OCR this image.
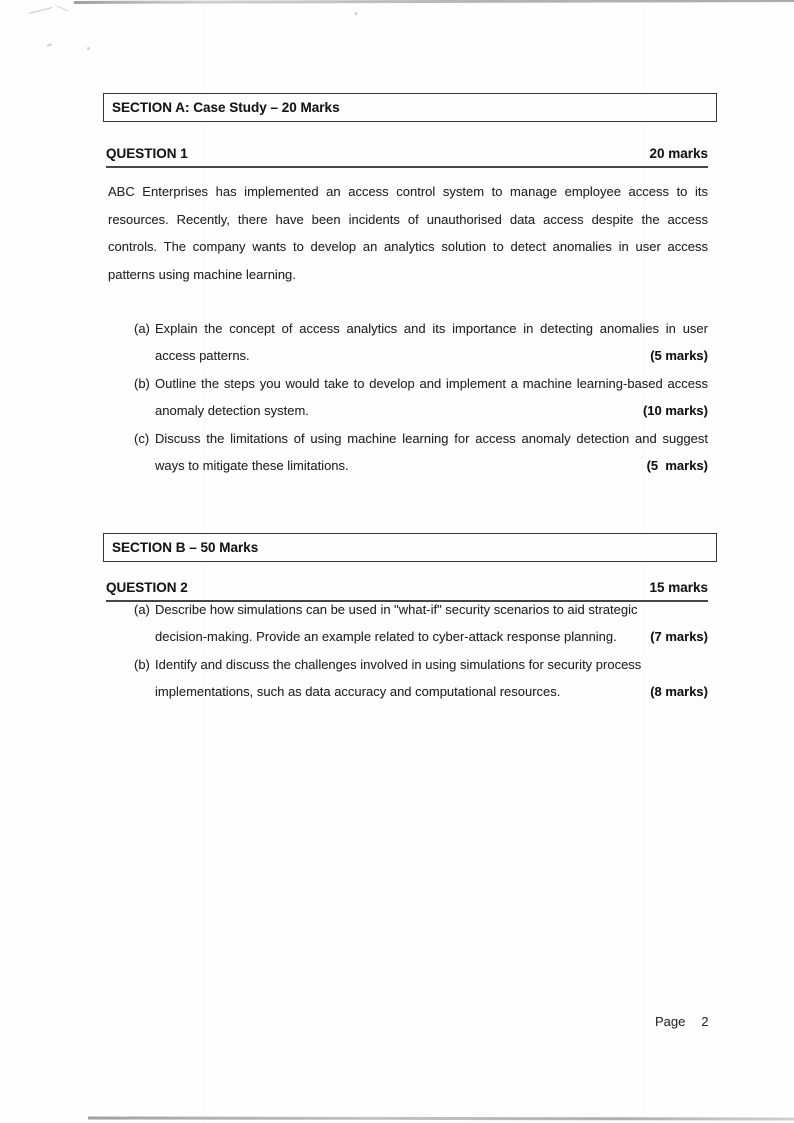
SECTION A: Case Study – 20 Marks
QUESTION 1	20 marks
ABC Enterprises has implemented an access control system to manage employee access to its
resources. Recently, there have been incidents of unauthorised data access despite the access
controls. The company wants to develop an analytics solution to detect anomalies in user access
patterns using machine learning.
(a) Explain the concept of access analytics and its importance in detecting anomalies in user
access patterns.	(5 marks)
(b) Outline the steps you would take to develop and implement a machine learning-based access
anomaly detection system.	(10 marks)
(c) Discuss the limitations of using machine learning for access anomaly detection and suggest
ways to mitigate these limitations.	(5  marks)
SECTION B – 50 Marks
QUESTION 2	15 marks
(a) Describe how simulations can be used in "what-if" security scenarios to aid strategic
decision-making. Provide an example related to cyber-attack response planning.	(7 marks)
(b) Identify and discuss the challenges involved in using simulations for security process
implementations, such as data accuracy and computational resources.	(8 marks)
Page 2
